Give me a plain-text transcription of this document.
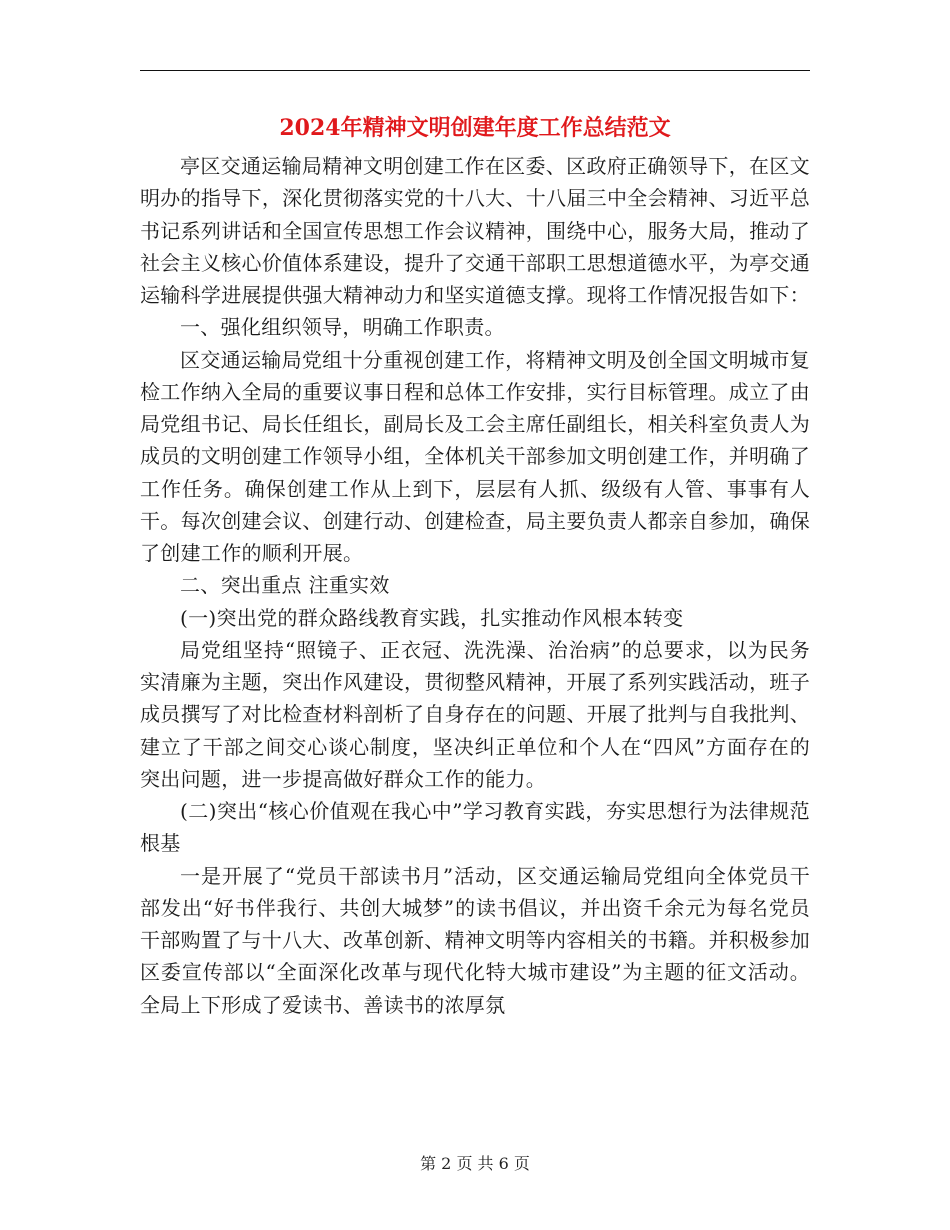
2024年精神文明创建年度工作总结范文

亭区交通运输局精神文明创建工作在区委、区政府正确领导下，在区文明办的指导下，深化贯彻落实党的十八大、十八届三中全会精神、习近平总书记系列讲话和全国宣传思想工作会议精神，围绕中心，服务大局，推动了社会主义核心价值体系建设，提升了交通干部职工思想道德水平，为亭交通运输科学进展提供强大精神动力和坚实道德支撑。现将工作情况报告如下：

一、强化组织领导，明确工作职责。

区交通运输局党组十分重视创建工作，将精神文明及创全国文明城市复检工作纳入全局的重要议事日程和总体工作安排，实行目标管理。成立了由局党组书记、局长任组长，副局长及工会主席任副组长，相关科室负责人为成员的文明创建工作领导小组，全体机关干部参加文明创建工作，并明确了工作任务。确保创建工作从上到下，层层有人抓、级级有人管、事事有人干。每次创建会议、创建行动、创建检查，局主要负责人都亲自参加，确保了创建工作的顺利开展。

二、突出重点 注重实效

(一)突出党的群众路线教育实践，扎实推动作风根本转变

局党组坚持“照镜子、正衣冠、洗洗澡、治治病”的总要求，以为民务实清廉为主题，突出作风建设，贯彻整风精神，开展了系列实践活动，班子成员撰写了对比检查材料剖析了自身存在的问题、开展了批判与自我批判、建立了干部之间交心谈心制度，坚决纠正单位和个人在“四风”方面存在的突出问题，进一步提高做好群众工作的能力。

(二)突出“核心价值观在我心中”学习教育实践，夯实思想行为法律规范根基

一是开展了“党员干部读书月”活动，区交通运输局党组向全体党员干部发出“好书伴我行、共创大城梦”的读书倡议，并出资千余元为每名党员干部购置了与十八大、改革创新、精神文明等内容相关的书籍。并积极参加区委宣传部以“全面深化改革与现代化特大城市建设”为主题的征文活动。全局上下形成了爱读书、善读书的浓厚氛

第 2 页 共 6 页
